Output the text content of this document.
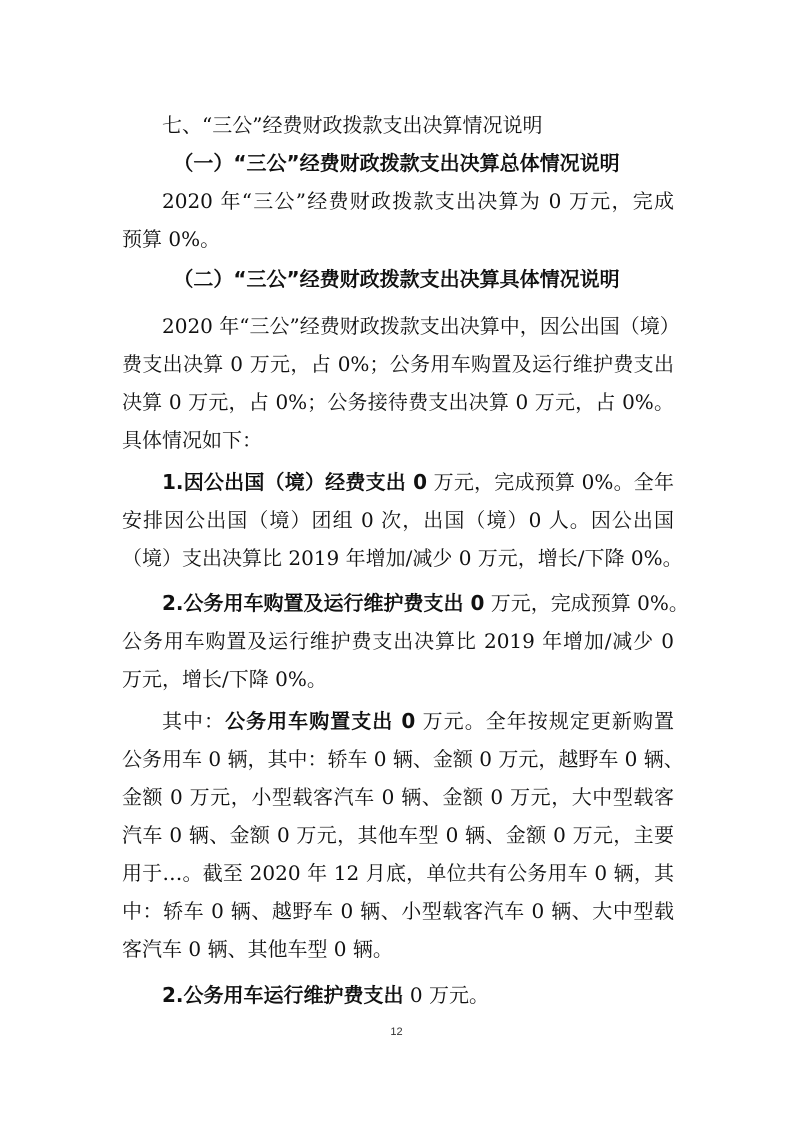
七、“三公”经费财政拨款支出决算情况说明
（一）“三公”经费财政拨款支出决算总体情况说明
2020 年“三公”经费财政拨款支出决算为 0 万元，完成
预算 0%。
（二）“三公”经费财政拨款支出决算具体情况说明
2020 年“三公”经费财政拨款支出决算中，因公出国（境）
费支出决算 0 万元，占 0%；公务用车购置及运行维护费支出
决算 0 万元，占 0%；公务接待费支出决算 0 万元，占 0%。
具体情况如下：
1.因公出国（境）经费支出 0 万元，完成预算 0%。全年
安排因公出国（境）团组 0 次，出国（境）0 人。因公出国
（境）支出决算比 2019 年增加/减少 0 万元，增长/下降 0%。
2.公务用车购置及运行维护费支出 0 万元，完成预算 0%。
公务用车购置及运行维护费支出决算比 2019 年增加/减少 0
万元，增长/下降 0%。
其中：公务用车购置支出 0 万元。全年按规定更新购置
公务用车 0 辆，其中：轿车 0 辆、金额 0 万元，越野车 0 辆、
金额 0 万元，小型载客汽车 0 辆、金额 0 万元，大中型载客
汽车 0 辆、金额 0 万元，其他车型 0 辆、金额 0 万元，主要
用于…。截至 2020 年 12 月底，单位共有公务用车 0 辆，其
中：轿车 0 辆、越野车 0 辆、小型载客汽车 0 辆、大中型载
客汽车 0 辆、其他车型 0 辆。
2.公务用车运行维护费支出 0 万元。
12
